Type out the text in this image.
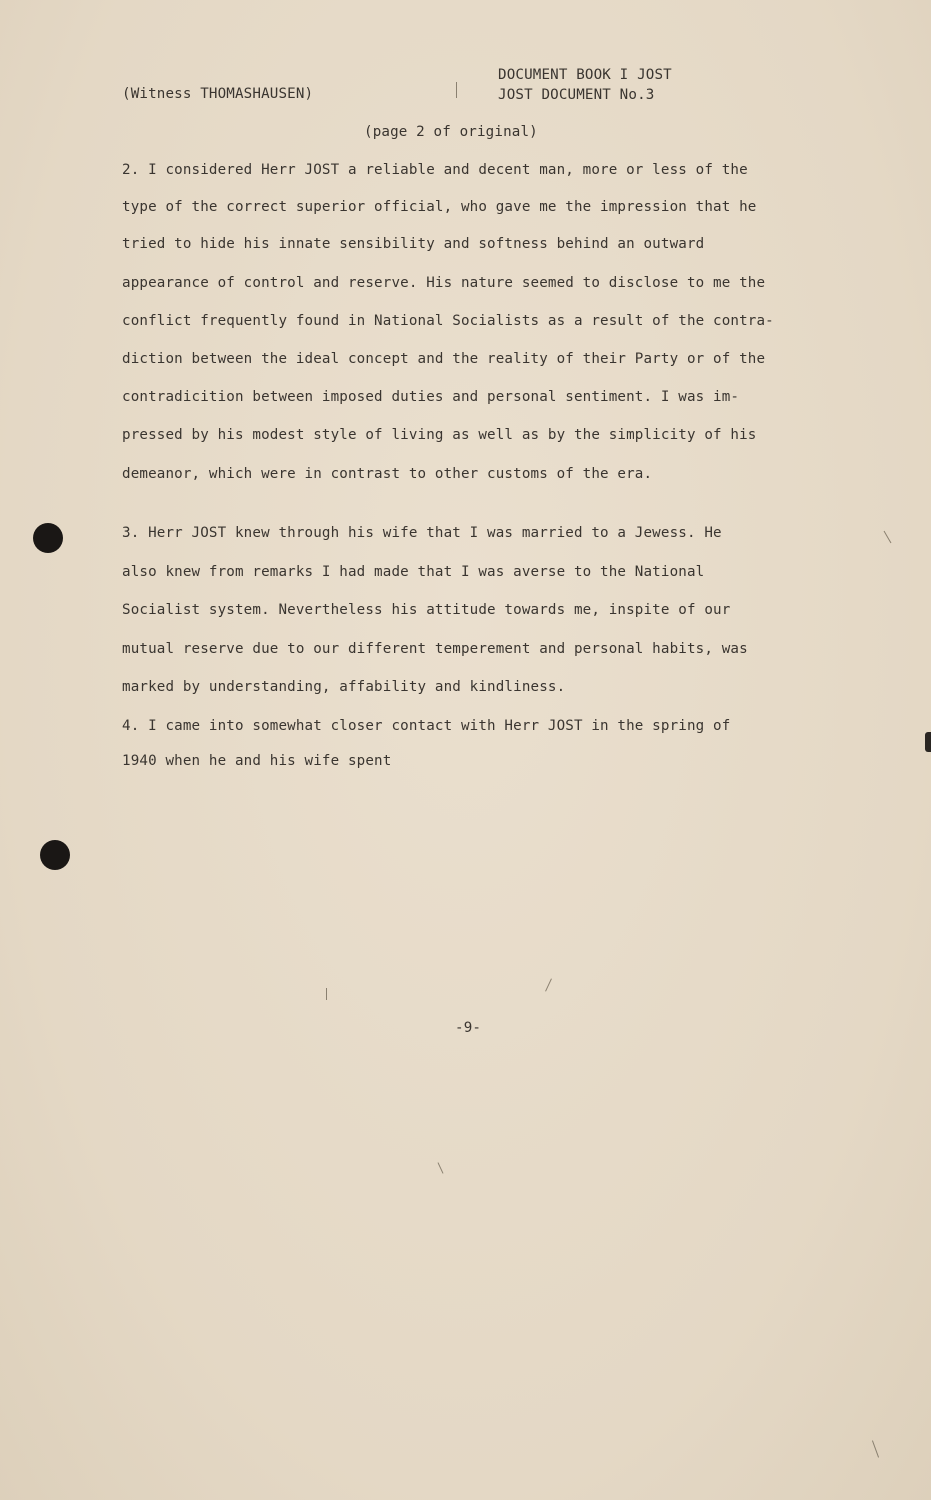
(Witness THOMASHAUSEN)
DOCUMENT BOOK I JOST
JOST DOCUMENT No.3
(page 2 of original)
2. I considered Herr JOST a reliable and decent man, more or less of the
type of the correct superior official, who gave me the impression that he
tried to hide his innate sensibility and softness behind an outward
appearance of control and reserve. His nature seemed to disclose to me the
conflict frequently found in National Socialists as a result of the contra-
diction between the ideal concept and the reality of their Party or of the
contradicition between imposed duties and personal sentiment. I was im-
pressed by his modest style of living as well as by the simplicity of his
demeanor, which were in contrast to other customs of the era.
3. Herr JOST knew through his wife that I was married to a Jewess. He
also knew from remarks I had made that I was averse to the National
Socialist system. Nevertheless his attitude towards me, inspite of our
mutual reserve due to our different temperement and personal habits, was
marked by understanding, affability and kindliness.
4. I came into somewhat closer contact with Herr JOST in the spring of
1940 when he and his wife spent
-9-
